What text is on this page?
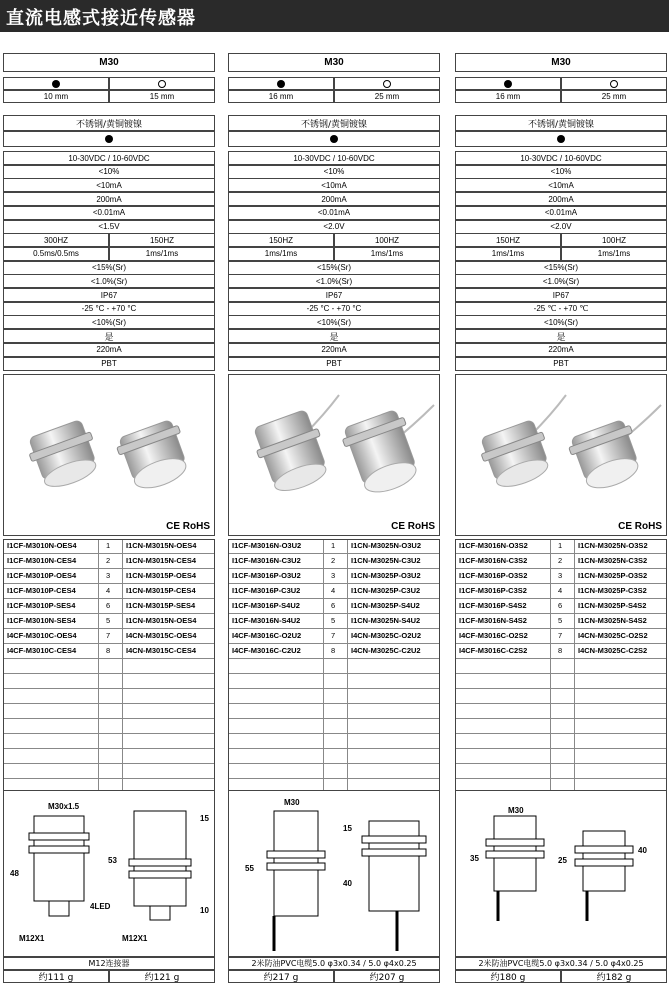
直流电感式接近传感器
M30
10 mm	15 mm
不锈钢/黄铜镀镍
10-30VDC / 10-60VDC
<10%
<10mA
200mA
<0.01mA
<1.5V
300HZ	150HZ
0.5ms/0.5ms	1ms/1ms
<15%(Sr)
<1.0%(Sr)
IP67
-25 °C - +70 °C
<10%(Sr)
是
220mA
PBT
CE RoHS
I1CF-M3010N-OES4	1 I1CN-M3015N-OES4
I1CF-M3010N-CES4	2 I1CN-M3015N-CES4
I1CF-M3010P-OES4	3 I1CN-M3015P-OES4
I1CF-M3010P-CES4	4 I1CN-M3015P-CES4
I1CF-M3010P-SES4	6 I1CN-M3015P-SES4
I1CF-M3010N-SES4	5 I1CN-M3015N-OES4
I4CF-M3010C-OES4	7 I4CN-M3015C-OES4
I4CF-M3010C-CES4	8 I4CN-M3015C-CES4
M30x1.5
48
53
15
10
4LED
M12X1	M12X1
M12连接器
约111 g	约121 g
M30
16 mm	25 mm
不锈钢/黄铜镀镍
10-30VDC / 10-60VDC
<10%
<10mA
200mA
<0.01mA
<2.0V
150HZ	100HZ
1ms/1ms	1ms/1ms
<15%(Sr)
<1.0%(Sr)
IP67
-25 °C - +70 °C
<10%(Sr)
是
220mA
PBT
CE RoHS
I1CF-M3016N-O3U2	1 I1CN-M3025N-O3U2
I1CF-M3016N-C3U2	2 I1CN-M3025N-C3U2
I1CF-M3016P-O3U2	3 I1CN-M3025P-O3U2
I1CF-M3016P-C3U2	4 I1CN-M3025P-C3U2
I1CF-M3016P-S4U2	6 I1CN-M3025P-S4U2
I1CF-M3016N-S4U2	5 I1CN-M3025N-S4U2
I4CF-M3016C-O2U2	7 I4CN-M3025C-O2U2
I4CF-M3016C-C2U2	8 I4CN-M3025C-C2U2
M30
55
40
15
2米防油PVC电缆5.0 φ3x0.34 / 5.0 φ4x0.25
约217 g	约207 g
M30
16 mm	25 mm
不锈钢/黄铜镀镍
10-30VDC / 10-60VDC
<10%
<10mA
200mA
<0.01mA
<2.0V
150HZ	100HZ
1ms/1ms	1ms/1ms
<15%(Sr)
<1.0%(Sr)
IP67
-25 ℃ - +70 ℃
<10%(Sr)
是
220mA
PBT
CE RoHS
I1CF-M3016N-O3S2	1 I1CN-M3025N-O3S2
I1CF-M3016N-C3S2	2 I1CN-M3025N-C3S2
I1CF-M3016P-O3S2	3 I1CN-M3025P-O3S2
I1CF-M3016P-C3S2	4 I1CN-M3025P-C3S2
I1CF-M3016P-S4S2	6 I1CN-M3025P-S4S2
I1CF-M3016N-S4S2	5 I1CN-M3025N-S4S2
I4CF-M3016C-O2S2	7 I4CN-M3025C-O2S2
I4CF-M3016C-C2S2	8 I4CN-M3025C-C2S2
M30
35	25
40
2米防油PVC电缆5.0 φ3x0.34 / 5.0 φ4x0.25
约180 g	约182 g
